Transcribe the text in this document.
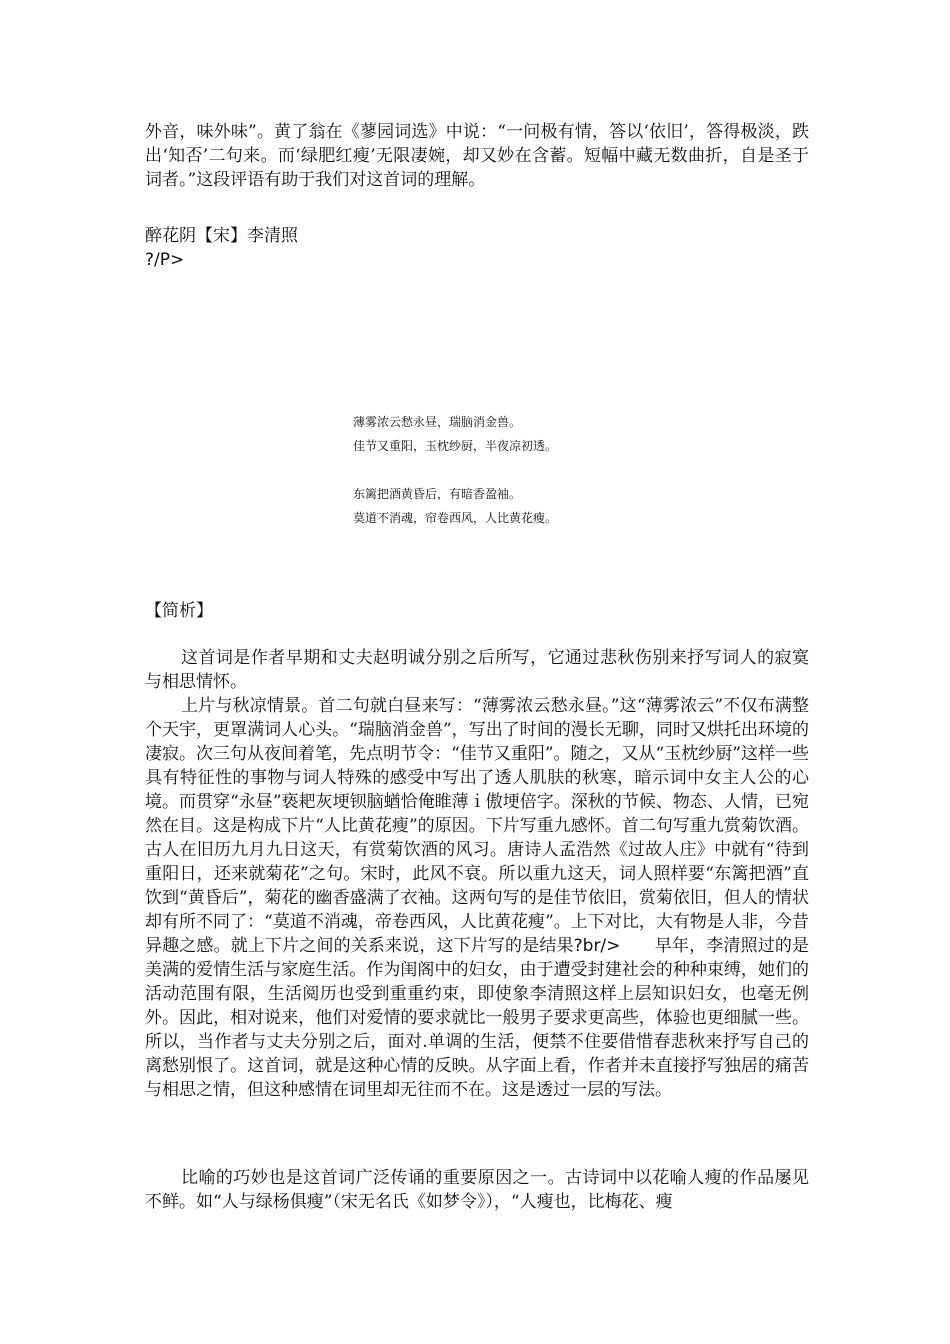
外音，味外味”。黄了翁在《蓼园词选》中说：“一问极有情，答以‘依旧’，答得极淡，跌出‘知否’二句来。而‘绿肥红瘦’无限凄婉，却又妙在含蓄。短幅中藏无数曲折，自是圣于词者。”这段评语有助于我们对这首词的理解。

醉花阴【宋】李清照

?/P>

薄雾浓云愁永昼，瑞脑消金兽。
佳节又重阳，玉枕纱厨，半夜凉初透。
东篱把酒黄昏后，有暗香盈袖。
莫道不消魂，帘卷西风，人比黄花瘦。

【简析】

这首词是作者早期和丈夫赵明诚分别之后所写，它通过悲秋伤别来抒写词人的寂寞与相思情怀。

上片与秋凉情景。首二句就白昼来写：“薄雾浓云愁永昼。”这“薄雾浓云”不仅布满整个天宇，更罩满词人心头。“瑞脑消金兽”，写出了时间的漫长无聊，同时又烘托出环境的凄寂。次三句从夜间着笔，先点明节令：“佳节又重阳”。随之，又从“玉枕纱厨”这样一些具有特征性的事物与词人特殊的感受中写出了透人肌肤的秋寒，暗示词中女主人公的心境。而贯穿“永昼”亵耙灰埂钡脑蝤恰俺睢薄ｉ傲埂倍字。深秋的节候、物态、人情，已宛然在目。这是构成下片“人比黄花瘦”的原因。下片写重九感怀。首二句写重九赏菊饮酒。古人在旧历九月九日这天，有赏菊饮酒的风习。唐诗人孟浩然《过故人庄》中就有“待到重阳日，还来就菊花”之句。宋时，此风不衰。所以重九这天，词人照样要“东篱把酒”直饮到“黄昏后”，菊花的幽香盛满了衣袖。这两句写的是佳节依旧，赏菊依旧，但人的情状却有所不同了：“莫道不消魂，帝卷西风，人比黄花瘦”。上下对比，大有物是人非，今昔异趣之感。就上下片之间的关系来说，这下片写的是结果?br/>　　早年，李清照过的是美满的爱情生活与家庭生活。作为闺阁中的妇女，由于遭受封建社会的种种束缚，她们的活动范围有限，生活阅历也受到重重约束，即使象李清照这样上层知识妇女，也毫无例外。因此，相对说来，他们对爱情的要求就比一般男子要求更高些，体验也更细腻一些。所以，当作者与丈夫分别之后，面对.单调的生活，便禁不住要借惜春悲秋来抒写自己的离愁别恨了。这首词，就是这种心情的反映。从字面上看，作者并未直接抒写独居的痛苦与相思之情，但这种感情在词里却无往而不在。这是透过一层的写法。

比喻的巧妙也是这首词广泛传诵的重要原因之一。古诗词中以花喻人瘦的作品屡见不鲜。如“人与绿杨俱瘦”（宋无名氏《如梦令》），“人瘦也，比梅花、瘦
